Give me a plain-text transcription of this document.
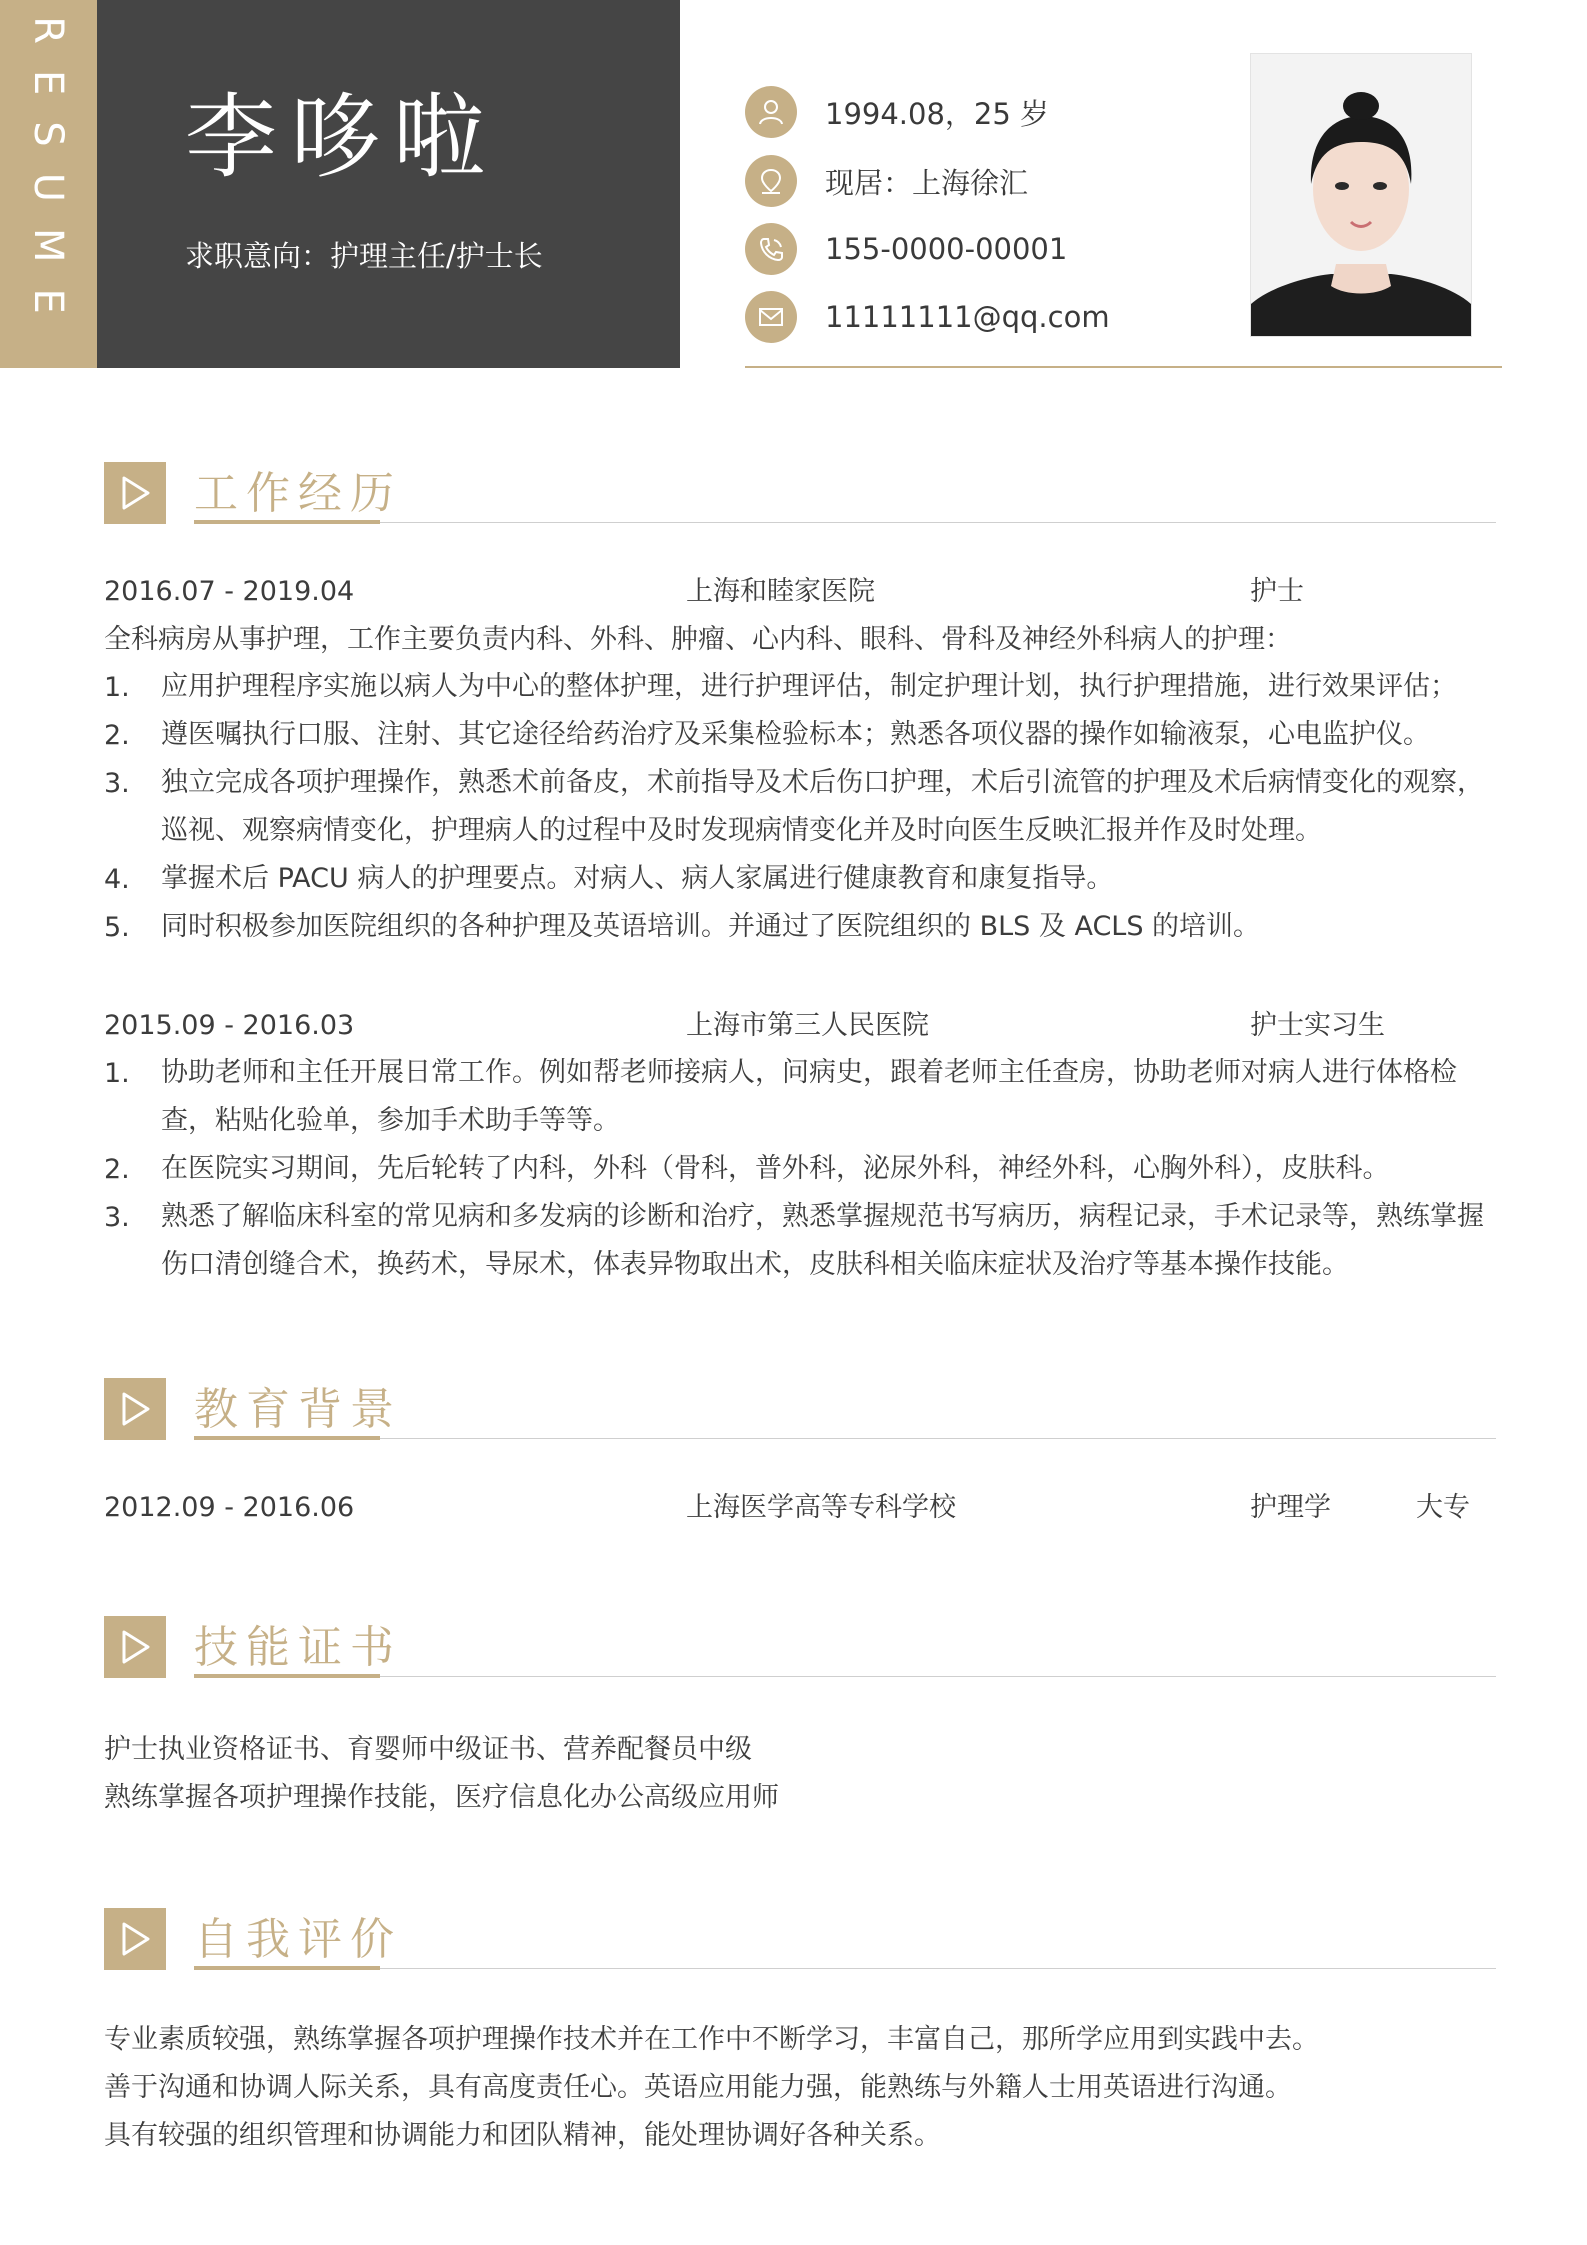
RESUME 李哆啦
求职意向：护理主任/护士长
1994.08，25 岁
现居：上海徐汇
155-0000-00001
11111111@qq.com
工作经历
2016.07 - 2019.04	上海和睦家医院	护士
全科病房从事护理，工作主要负责内科、外科、肿瘤、心内科、眼科、骨科及神经外科病人的护理：
1. 应用护理程序实施以病人为中心的整体护理，进行护理评估，制定护理计划，执行护理措施，进行效果评估；
2. 遵医嘱执行口服、注射、其它途径给药治疗及采集检验标本；熟悉各项仪器的操作如输液泵，心电监护仪。
3. 独立完成各项护理操作，熟悉术前备皮，术前指导及术后伤口护理，术后引流管的护理及术后病情变化的观察，巡视、观察病情变化，护理病人的过程中及时发现病情变化并及时向医生反映汇报并作及时处理。
4. 掌握术后 PACU 病人的护理要点。对病人、病人家属进行健康教育和康复指导。
5. 同时积极参加医院组织的各种护理及英语培训。并通过了医院组织的 BLS 及 ACLS 的培训。
2015.09 - 2016.03	上海市第三人民医院	护士实习生
1. 协助老师和主任开展日常工作。例如帮老师接病人，问病史，跟着老师主任查房，协助老师对病人进行体格检查，粘贴化验单，参加手术助手等等。
2. 在医院实习期间，先后轮转了内科，外科（骨科，普外科，泌尿外科，神经外科，心胸外科），皮肤科。
3. 熟悉了解临床科室的常见病和多发病的诊断和治疗，熟悉掌握规范书写病历，病程记录，手术记录等，熟练掌握伤口清创缝合术，换药术，导尿术，体表异物取出术，皮肤科相关临床症状及治疗等基本操作技能。
教育背景
2012.09 - 2016.06	上海医学高等专科学校	护理学	大专
技能证书
护士执业资格证书、育婴师中级证书、营养配餐员中级
熟练掌握各项护理操作技能，医疗信息化办公高级应用师
自我评价
专业素质较强，熟练掌握各项护理操作技术并在工作中不断学习，丰富自己，那所学应用到实践中去。
善于沟通和协调人际关系，具有高度责任心。英语应用能力强，能熟练与外籍人士用英语进行沟通。
具有较强的组织管理和协调能力和团队精神，能处理协调好各种关系。
